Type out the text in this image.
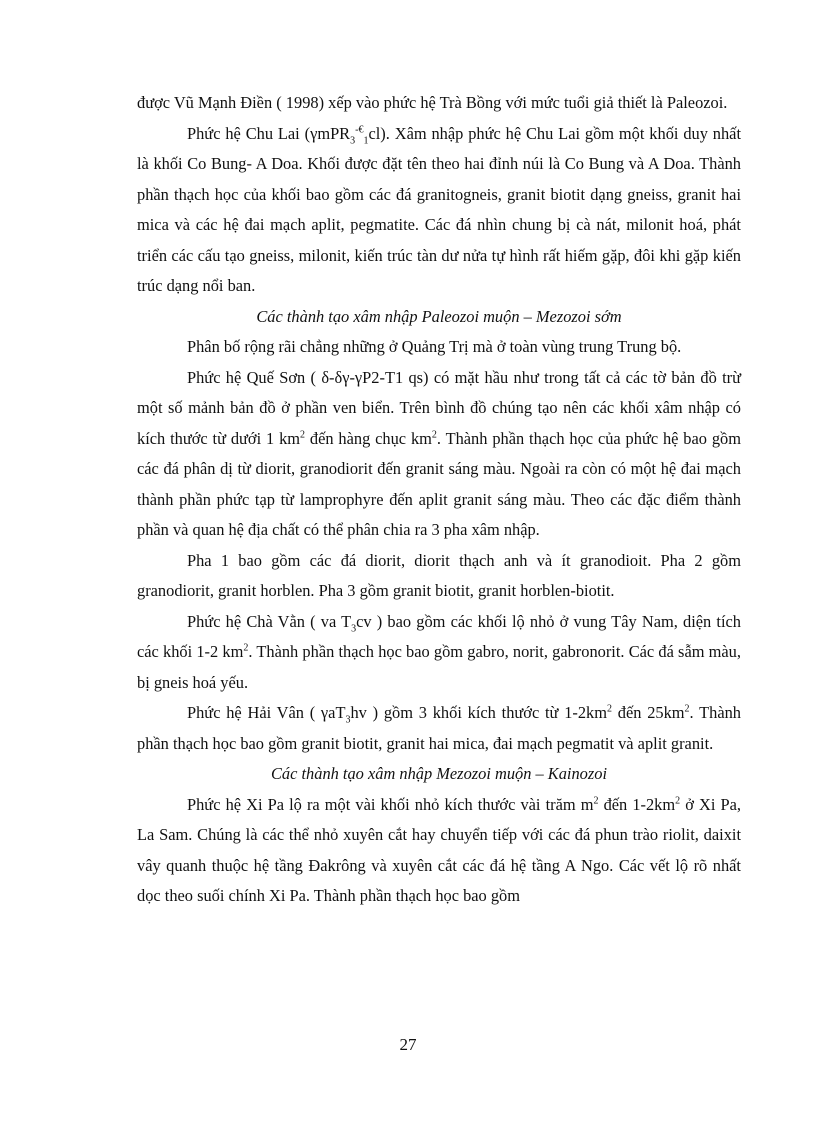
được Vũ Mạnh Điền ( 1998) xếp vào phức hệ Trà Bồng với mức tuổi giả thiết là Paleozoi.

Phức hệ Chu Lai (γmPR$_3$-€$_1$cl). Xâm nhập phức hệ Chu Lai gồm một khối duy nhất là khối Co Bung- A Doa. Khối được đặt tên theo hai đỉnh núi là Co Bung và A Doa. Thành phần thạch học của khối bao gồm các đá granitogneis, granit biotit dạng gneiss, granit hai mica và các hệ đai mạch aplit, pegmatite. Các đá nhìn chung bị cà nát, milonit hoá, phát triển các cấu tạo gneiss, milonit, kiến trúc tàn dư nửa tự hình rất hiếm gặp, đôi khi gặp kiến trúc dạng nổi ban.

Các thành tạo xâm nhập Paleozoi muộn – Mezozoi sớm

Phân bố rộng rãi chẳng những ở Quảng Trị mà ở toàn vùng trung Trung bộ.

Phức hệ Quế Sơn ( δ-δγ-γP2-T1 qs) có mặt hầu như trong tất cả các tờ bản đồ trừ một số mảnh bản đồ ở phần ven biển. Trên bình đồ chúng tạo nên các khối xâm nhập có kích thước từ dưới 1 $km^2$ đến hàng chục $km^2$. Thành phần thạch học của phức hệ bao gồm các đá phân dị từ diorit, granodiorit đến granit sáng màu. Ngoài ra còn có một hệ đai mạch thành phần phức tạp từ lamprophyre đến aplit granit sáng màu. Theo các đặc điểm thành phần và quan hệ địa chất có thể phân chia ra 3 pha xâm nhập.

Pha 1 bao gồm các đá diorit, diorit thạch anh và ít granodioit. Pha 2 gồm granodiorit, granit horblen. Pha 3 gồm granit biotit, granit horblen-biotit.

Phức hệ Chà Vằn ( va $T_3cv$ ) bao gồm các khối lộ nhỏ ở vung Tây Nam, diện tích các khối 1-2 $km^2$. Thành phần thạch học bao gồm gabro, norit, gabronorit. Các đá sẫm màu, bị gneis hoá yếu.

Phức hệ Hải Vân ( γaT$_3$hv ) gồm 3 khối kích thước từ $1-2km^2$ đến $25km^2$. Thành phần thạch học bao gồm granit biotit, granit hai mica, đai mạch pegmatit và aplit granit.

Các thành tạo xâm nhập Mezozoi muộn – Kainozoi

Phức hệ Xi Pa lộ ra một vài khối nhỏ kích thước vài trăm $m^2$ đến $1-2km^2$ ở Xi Pa, La Sam. Chúng là các thể nhỏ xuyên cắt hay chuyển tiếp với các đá phun trào riolit, daixit vây quanh thuộc hệ tầng Đakrông và xuyên cắt các đá hệ tầng A Ngo. Các vết lộ rõ nhất dọc theo suối chính Xi Pa. Thành phần thạch học bao gồm

27
